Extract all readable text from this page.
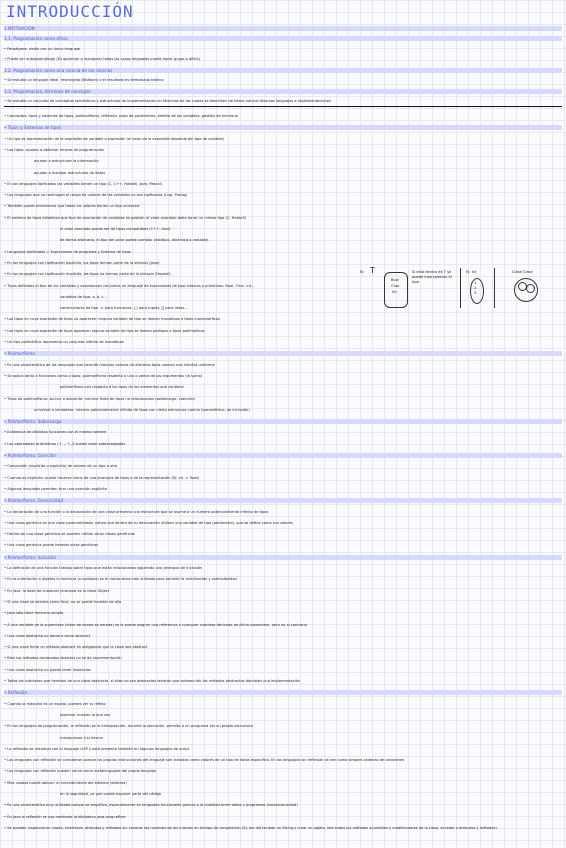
INTRODUCCIÓN
1.MOTIVACIÓN
1.1. Programación como oficio
• Paradigma: visión con un único lenguaje
• Puede ser autoaprendizaje (Es aprender a manipular todas las cosas lenguajes puede hacer grupo o difícil)
1.2. Programación como una ciencia de las ciencias
• Se estudia un lenguaje ideal, restringido (Bisfolon) o el resultado es demasiado teórico
1.3. Programación, términos de concepto
• Se estudia un conjunto de conceptos semánticos y estructuras de implementación en términos de las cuales se describen de forma natural diversos lenguajes e implementaciones
• Conceptos: tipos y sistemas de tipos, polimorfismo, reflexión, paso de parámetros, ámbito de las variables, gestión de memoria
• Tipos y Sistemas de tipos
• Un tipo es representación de la expresión de variable o expresión (el valor de la expresión depende del tipo de variable)
• Los tipos: ayudan a detectar errores de programación
ayudan a estructurar la información
ayudan a manejar estructuras de datos
• En los lenguajes tipificados las variables tienen un tipo (C, C++, Haskell, Java, Pascal)
• Los lenguajes que no restringen el rango de valores de las variables no son tipificados (Lisp, Prolog)
• También puede entenderse que todos los valores tienen un tipo universal
• El sistema de tipos establece que tipo de asociación de variables es posible: el valor asociado debe tener un mismo tipo (C, Haskell)
el valor asociado puede ser de tipos compatibles (C++, Java)
de forma arbitraria, el tipo del valor puede cambiar (estático, dinámico o variable)
• Lenguajes tipificados = Expresiones de programa y Sistema de tipos
• En los lenguajes con tipificación explícita, los tipos forman parte de la sintaxis (Java)
• En los lenguajes con tipificación implícita, los tipos no forman parte de la sintaxis (Haskell)
• Tipos definidos el tipo de los variables y expresiones conjuntos un lenguaje de expresiones de tipo: básicos o primitivos: Bool, Char, Int...
variables de tipo: a, b, c...
constructores de tipo -> para funciones, (,) para tuplas, [] para listas...
• Los tipos en cuya expresión de tipos no aparecen ninguna variable de tipo se llaman monotipos o tipos monomórficos
• Los tipos en cuya expresión de tipos aparecen alguna variable de tipo se llaman politipos o tipos polimórficos
• Un tipo polimórfico representa un conjunto infinito de monotipos
• Polimorfismo
• Es una característica de los lenguajes que permite manejar valores de distintos tipos usando una interfaz uniforme
• Se aplica tanto a funciones como a tipos: polimorfismo respecto a uno o varios de los argumentos (la suma)
polimorfismo con respecto a los tipos de los elementos que contiene
• Tipos de polimorfismo: ad-hoc o aparente: número finito de tipos no relacionados (sobrecarga, coerción)
universal o verdadero: número potencialmente infinito de tipos con cierta estructura común (paramétrico, de inclusión)
• Polimorfismo: Sobrecarga
• Existencia de distintas funciones con el mismo nombre
• Los operadores aritméticos (+, -, *, /) suelen estar sobrecargados
• Polimorfismo: Coerción
• Conversión (implícita o explícita) de valores de un tipo a otro
• Cuando es implícita: puede hacerse viene de una jerarquía de tipos o de la representación (Ej: int -> float)
• Algunos lenguajes permiten tirar una coerción explícita
• Polimorfismo: Genericidad
• La declaración de una función o la declaración de una clase presenta una estructura que se asume a un número potencialmente infinito de tipos
• Una clase genérica es una clase parametrizada, nativa que dentro de su declaración utilizan una variable de tipo (parámetro), que se define como sus valores
• Dentro de una clase genérica se pueden utilizar otras clases genéricas
• Una clase genérica puede heredar otras genéricas
• Polimorfismo: Inclusión
• La definición de una función trabaja sobre tipos que están relacionados siguiendo una jerarquía de inclusión
• En la orientación a objetos la herencia (o subtipos) es el mecanismo más utilizado para permitir la reutilización y extensibilidad
• En java, la base de cualquier jerarquía es la clase Object
• Si una clase se declara como final, no se puede heredar de ella
• Java sólo tiene herencia simple
• A una variable de la superclase (clase de donde se hereda) se le puede asignar una referencia a cualquier subclase derivada de dicha superclase, pero no al contrario
• Una clase abstracta no declara como abstract
• Si una clase tiene un método abstract es obligatorio que la clase sea abstract
• Bien los métodos declarados abstract no se da implementación
• Una clase abstracta no puede tener instancias
• Todas las subclases que heredan de una clase abstracta, si ellas no son abstractas tendrán que sobrescribir los métodos abstractos dándoles una implementación
• Reflexión
• Cuando la máquina es un espejo, puedes ver tu reflejo
observar nuestro lo que ves
• En los lenguajes de programación, la reflexión es la introspección, durante la ejecución, permite a un programa ver su propia estructura
manipularse a sí mismo
• La reflexión se introdujo con el lenguaje LISP y está presente también en algunos lenguajes de script
• Los lenguajes con reflexión se consideran porque los propias instrucciones del lenguaje son tratadas como valores de un tipo de datos especifico. En los lenguajes sin reflexión se ven como simples cadenas de caracteres
• Los lenguajes con reflexión pueden verse como metalenguajes del propio lenguaje
• Más usadas puede aplicar: el entendimiento del sistema (sistema)
en la seguridad, ya que puede exponer parte del código
• Es una característica muy utilizada porque se amplifica, especialmente en lenguajes funcionales gracias a la dualidad entre datos y programas (homoiconicidad)
• En Java la reflexión se usa mediante la biblioteca java.lang.reflect
• Se pueden inspeccionar clases, interfaces, atributos y métodos sin conocer los nombres de los mismos en tiempo de compilación (Ej: lee del teclado un String y crear un objeto, leer todos los métodos accesibles y modificadores de la clase, acceder a atributos y métodos)
Ej: T
Bool
Char
Int
Si está dentro de T se puede intercambiar el tipo
Ej: Int
1
2
3
Clase Clase
